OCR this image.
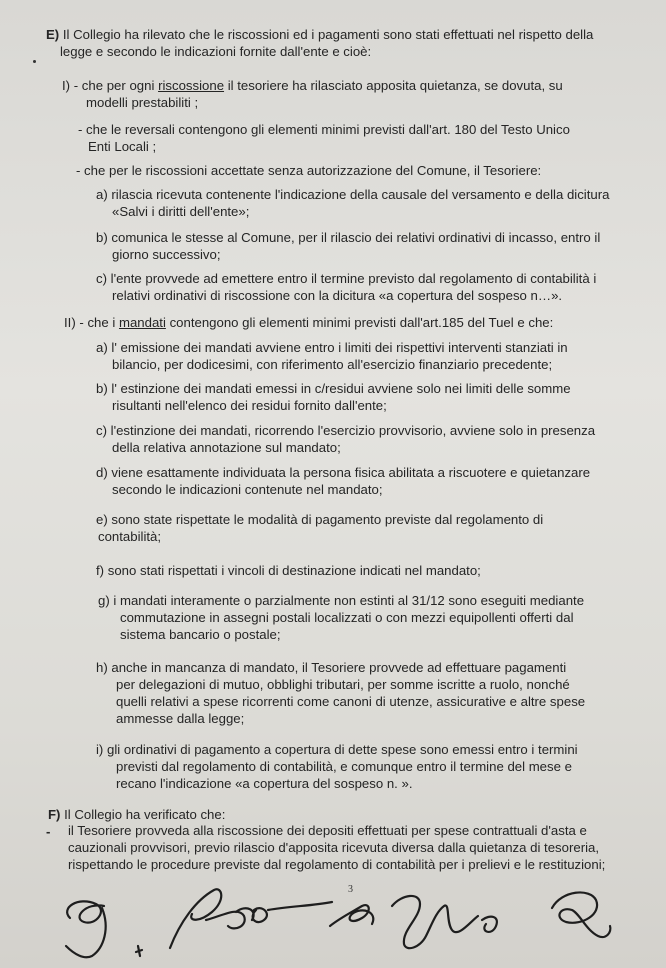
E) Il Collegio ha rilevato che le riscossioni ed i pagamenti sono stati effettuati nel rispetto della
legge e secondo le indicazioni fornite dall'ente e cioè:
I) - che per ogni riscossione il tesoriere ha rilasciato apposita quietanza, se dovuta, su
modelli prestabiliti ;
- che le reversali contengono gli elementi minimi previsti dall'art. 180 del Testo Unico
Enti Locali ;
- che per le riscossioni accettate senza autorizzazione del Comune, il Tesoriere:
a) rilascia ricevuta contenente l'indicazione della causale del versamento e della dicitura
«Salvi i diritti dell'ente»;
b) comunica le stesse al Comune, per il rilascio dei relativi ordinativi di incasso, entro il
giorno successivo;
c) l'ente provvede ad emettere entro il termine previsto dal regolamento di contabilità i
relativi ordinativi di riscossione con la dicitura «a copertura del sospeso n…».
II) - che i mandati contengono gli elementi minimi previsti dall'art.185 del Tuel e che:
a) l' emissione dei mandati avviene entro i limiti dei rispettivi interventi stanziati in
bilancio, per dodicesimi, con riferimento all'esercizio finanziario precedente;
b) l' estinzione dei mandati emessi in c/residui avviene solo nei limiti delle somme
risultanti nell'elenco dei residui fornito dall'ente;
c) l'estinzione dei mandati, ricorrendo l'esercizio provvisorio, avviene solo in presenza
della relativa annotazione sul mandato;
d) viene esattamente individuata la persona fisica abilitata a riscuotere e quietanzare
secondo le indicazioni contenute nel mandato;
e) sono state rispettate le modalità di pagamento previste dal regolamento di
contabilità;
f) sono stati rispettati i vincoli di destinazione indicati nel mandato;
g) i mandati interamente o parzialmente non estinti al 31/12 sono eseguiti mediante
commutazione in assegni postali localizzati o con mezzi equipollenti offerti dal
sistema bancario o postale;
h) anche in mancanza di mandato, il Tesoriere provvede ad effettuare pagamenti
per delegazioni di mutuo, obblighi tributari, per somme iscritte a ruolo, nonché
quelli relativi a spese ricorrenti come canoni di utenze, assicurative e altre spese
ammesse dalla legge;
i) gli ordinativi di pagamento a copertura di dette spese sono emessi entro i termini
previsti dal regolamento di contabilità, e comunque entro il termine del mese e
recano l'indicazione «a copertura del sospeso n. ».
F) Il Collegio ha verificato che:
- il Tesoriere provveda alla riscossione dei depositi effettuati per spese contrattuali d'asta e
cauzionali provvisori, previo rilascio d'apposita ricevuta diversa dalla quietanza di tesoreria,
rispettando le procedure previste dal regolamento di contabilità per i prelievi e le restituzioni;
3
